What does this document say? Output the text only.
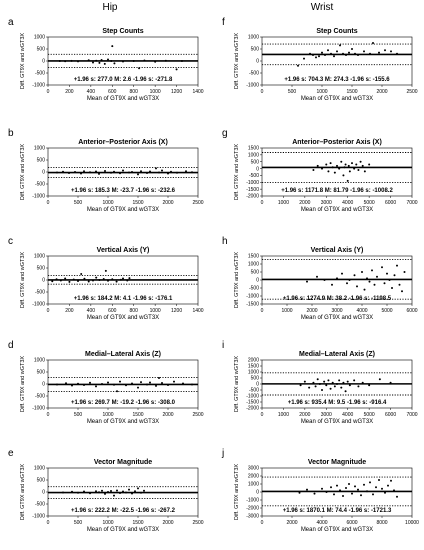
Hip	Wrist
a
Step Counts
-1000
-500
0
500
1000
0	200	400	600	800 1000 1200 1400
Mean of GT9X and wGT3X
Diff. GT9X and wGT3X	+1.96 s: 277.0 M: 2.6 -1.96 s: -271.8
b
Anterior–Posterior Axis (X)
-1000
-500
0
500
1000
0	500	1000	1500	2000	2500
Mean of GT9X and wGT3X
Diff. GT9X and wGT3X	+1.96 s: 185.3 M: -23.7 -1.96 s: -232.6
c
Vertical Axis (Y)
-1000
-500
0
500
1000
0	200	400	600	800 1000 1200 1400
Mean of GT9X and wGT3X
Diff. GT9X and wGT3X	+1.96 s: 184.2 M: 4.1 -1.96 s: -176.1
d
Medial–Lateral Axis (Z)
-1000
-500
0
500
1000
0	500	1000	1500	2000	2500
Mean of GT9X and wGT3X
Diff. GT9X and wGT3X	+1.96 s: 269.7 M: -19.2 -1.96 s: -308.0
e
Vector Magnitude
-1000
-500
0
500
1000
0	500	1000	1500	2000	2500
Mean of GT9X and wGT3X
Diff. GT9X and wGT3X	+1.96 s: 222.2 M: -22.5 -1.96 s: -267.2
f
Step Counts
-1000
-500
0
500
1000
0	500	1000	1500	2000	2500
Mean of GT9X and wGT3X
Diff. GT9X and wGT3X	+1.96 s: 704.3 M: 274.3 -1.96 s: -155.6
g
Anterior–Posterior Axis (X)
-2000
-1500
-1000
-500
0
500
1000
1500
0	1000 2000 3000 4000 5000 6000 7000
Mean of GT9X and wGT3X
Diff. GT9X and wGT3X	+1.96 s: 1171.8 M: 81.79 -1.96 s: -1008.2
h
Vertical Axis (Y)
-1500
-1000
-500
0
500
1000
1500
0	1000	2000	3000	4000	5000	6000
Mean of GT9X and wGT3X
Diff. GT9X and wGT3X	+1.96 s: 1274.9 M: 38.2 -1.96 s: -1198.5
i
Medial–Lateral Axis (Z)
-2000
-1500
-1000
-500
0
500
1000
1500
2000
0	1000 2000 3000 4000 5000 6000 7000
Mean of GT9X and wGT3X
Diff. GT9X and wGT3X	+1.96 s: 935.4 M: 9.5 -1.96 s: -916.4
j
Vector Magnitude
-3000
-2000
-1000
0
1000
2000
3000
0	2000	4000	6000	8000	10000
Mean of GT9X and wGT3X
Diff. GT9X and wGT3X	+1.96 s: 1870.1 M: 74.4 -1.96 s: -1721.3
